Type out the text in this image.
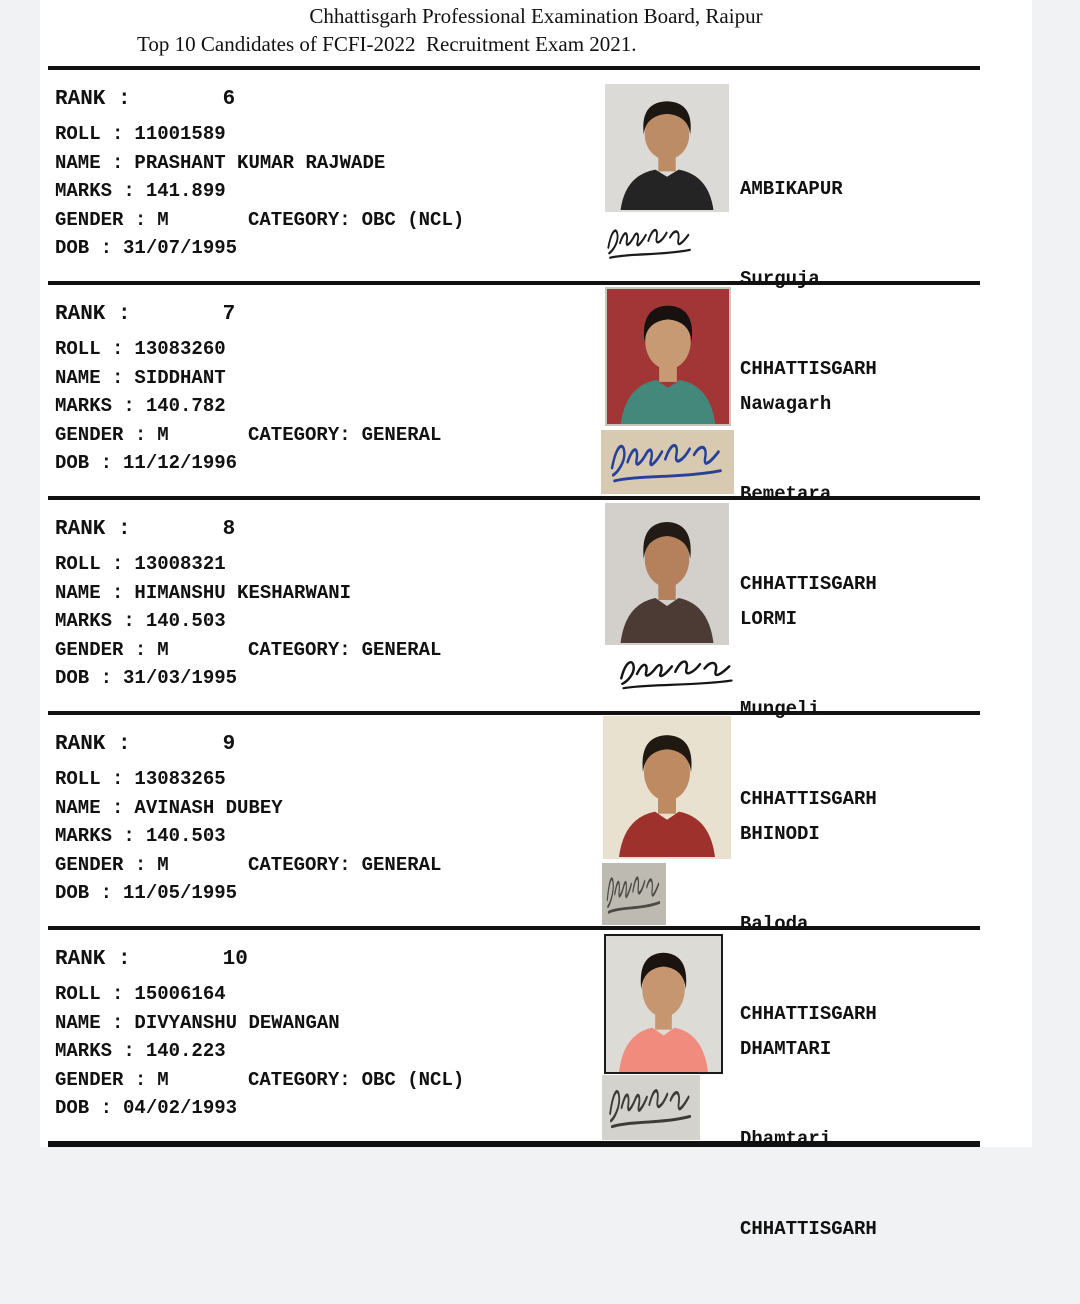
Chhattisgarh Professional Examination Board, Raipur
Top 10 Candidates of FCFI-2022  Recruitment Exam 2021.
RANK :	6
ROLL : 11001589
NAME : PRASHANT KUMAR RAJWADE
MARKS : 141.899
GENDER : M	CATEGORY: OBC (NCL)
DOB : 31/07/1995

AMBIKAPUR

Surguja

CHHATTISGARH

RANK :	7
ROLL : 13083260
NAME : SIDDHANT
MARKS : 140.782
GENDER : M	CATEGORY: GENERAL
DOB : 11/12/1996

Nawagarh

Bemetara

CHHATTISGARH

RANK :	8
ROLL : 13008321
NAME : HIMANSHU KESHARWANI
MARKS : 140.503
GENDER : M	CATEGORY: GENERAL
DOB : 31/03/1995

LORMI

Mungeli

CHHATTISGARH

RANK :	9
ROLL : 13083265
NAME : AVINASH DUBEY
MARKS : 140.503
GENDER : M	CATEGORY: GENERAL
DOB : 11/05/1995

BHINODI

Baloda

CHHATTISGARH

RANK :	10
ROLL : 15006164
NAME : DIVYANSHU DEWANGAN
MARKS : 140.223
GENDER : M	CATEGORY: OBC (NCL)
DOB : 04/02/1993

DHAMTARI

Dhamtari

CHHATTISGARH
